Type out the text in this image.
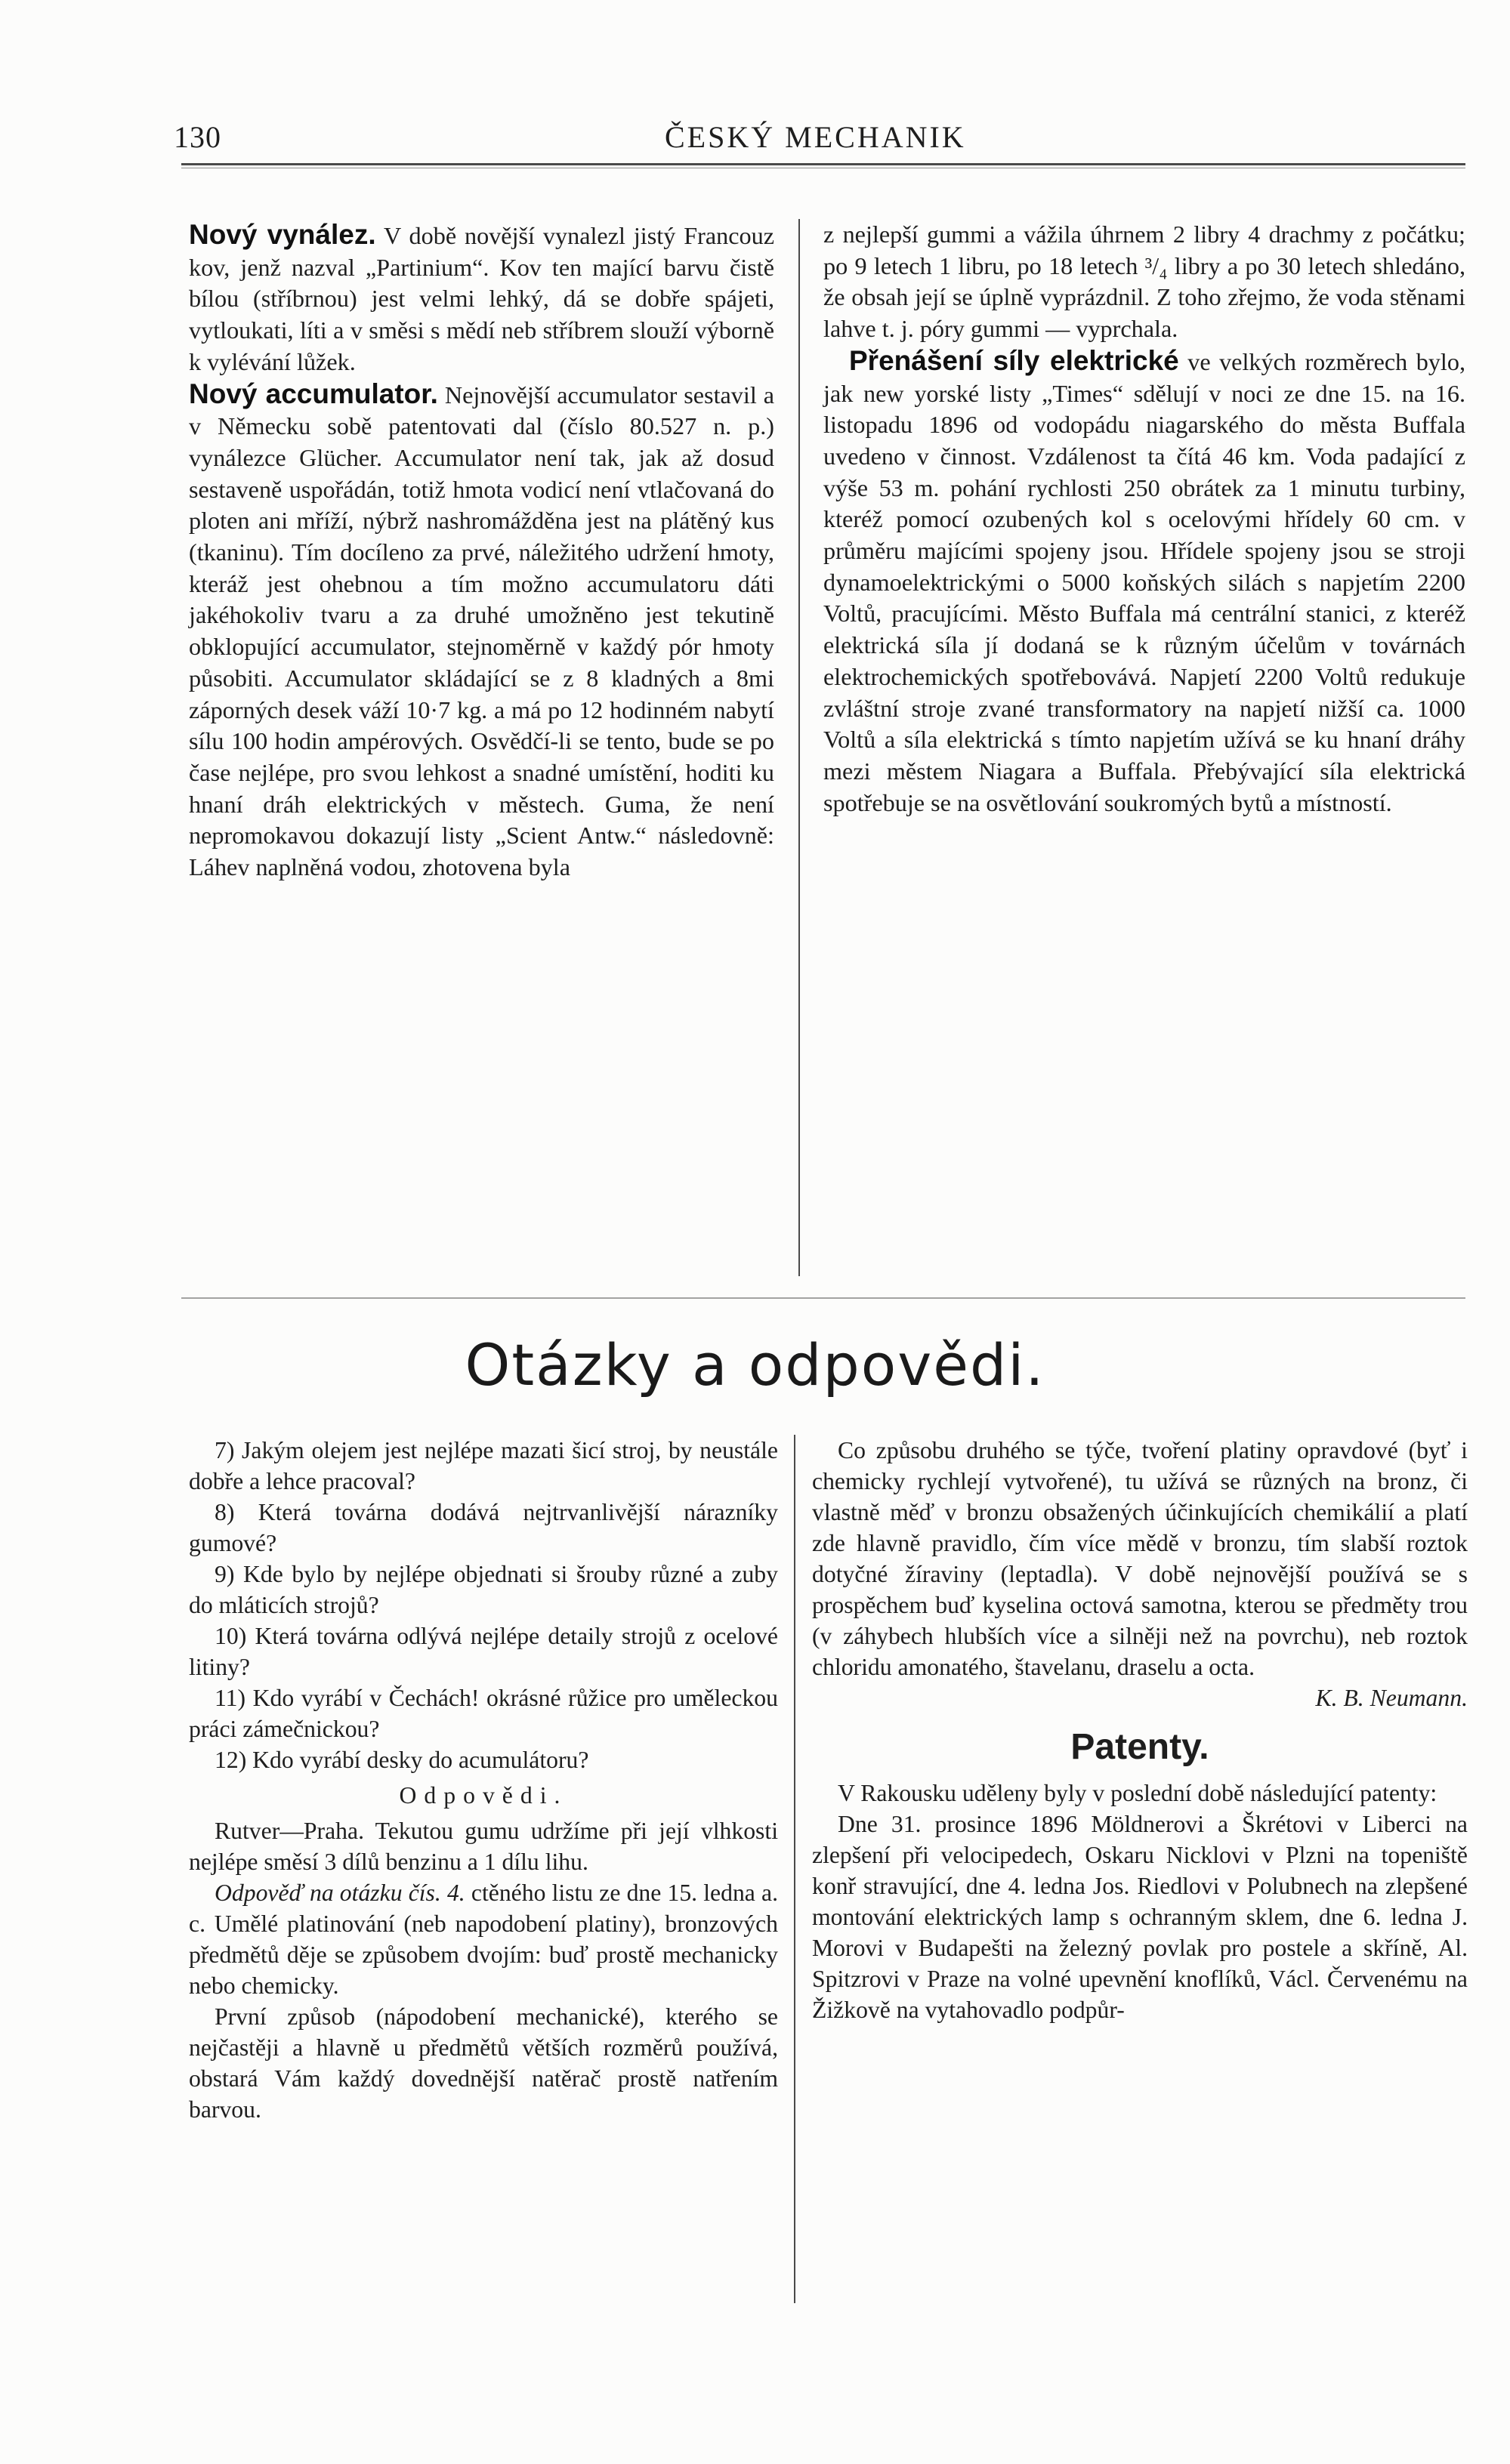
130	ČESKÝ MECHANIK

Nový vynález. V době novější vynalezl jistý Francouz kov, jenž nazval „Partinium“. Kov ten mající barvu čistě bílou (stříbrnou) jest velmi lehký, dá se dobře spájeti, vytloukati, líti a v směsi s mědí neb stříbrem slouží výborně k vylévání lůžek.

Nový accumulator. Nejnovější accumulator sestavil a v Německu sobě patentovati dal (číslo 80.527 n. p.) vynálezce Glücher. Accumulator není tak, jak až dosud sestaveně uspořádán, totiž hmota vodicí není vtlačovaná do ploten ani mříží, nýbrž nashromážděna jest na plátěný kus (tkaninu). Tím docíleno za prvé, náležitého udržení hmoty, kteráž jest ohebnou a tím možno accumulatoru dáti jakéhokoliv tvaru a za druhé umožněno jest tekutině obklopující accumulator, stejnoměrně v každý pór hmoty působiti. Accumulator skládající se z 8 kladných a 8mi záporných desek váží 10·7 kg. a má po 12 hodinném nabytí sílu 100 hodin ampérových. Osvědčí-li se tento, bude se po čase nejlépe, pro svou lehkost a snadné umístění, hoditi ku hnaní dráh elektrických v městech. Guma, že není nepromokavou dokazují listy „Scient Antw.“ následovně: Láhev naplněná vodou, zhotovena byla

z nejlepší gummi a vážila úhrnem 2 libry 4 drachmy z počátku; po 9 letech 1 libru, po 18 letech ³/₄ libry a po 30 letech shledáno, že obsah její se úplně vyprázdnil. Z toho zřejmo, že voda stěnami lahve t. j. póry gummi — vyprchala.

Přenášení síly elektrické ve velkých rozměrech bylo, jak new yorské listy „Times“ sdělují v noci ze dne 15. na 16. listopadu 1896 od vodopádu niagarského do města Buffala uvedeno v činnost. Vzdálenost ta čítá 46 km. Voda padající z výše 53 m. pohání rychlosti 250 obrátek za 1 minutu turbiny, kteréž pomocí ozubených kol s ocelovými hřídely 60 cm. v průměru majícími spojeny jsou. Hřídele spojeny jsou se stroji dynamoelektrickými o 5000 koňských silách s napjetím 2200 Voltů, pracujícími. Město Buffala má centrální stanici, z kteréž elektrická síla jí dodaná se k různým účelům v továrnách elektrochemických spotřebovává. Napjetí 2200 Voltů redukuje zvláštní stroje zvané transformatory na napjetí nižší ca. 1000 Voltů a síla elektrická s tímto napjetím užívá se ku hnaní dráhy mezi městem Niagara a Buffala. Přebývající síla elektrická spotřebuje se na osvětlování soukromých bytů a místností.

Otázky a odpovědi.

7) Jakým olejem jest nejlépe mazati šicí stroj, by neustále dobře a lehce pracoval?

8) Která továrna dodává nejtrvanlivější nárazníky gumové?

9) Kde bylo by nejlépe objednati si šrouby různé a zuby do mláticích strojů?

10) Která továrna odlývá nejlépe detaily strojů z ocelové litiny?

11) Kdo vyrábí v Čechách! okrásné růžice pro uměleckou práci zámečnickou?

12) Kdo vyrábí desky do acumulátoru?

Odpovědi.

Rutver—Praha. Tekutou gumu udržíme při její vlhkosti nejlépe směsí 3 dílů benzinu a 1 dílu lihu.

Odpověď na otázku čís. 4. ctěného listu ze dne 15. ledna a. c. Umělé platinování (neb napodobení platiny), bronzových předmětů děje se způsobem dvojím: buď prostě mechanicky nebo chemicky.

První způsob (nápodobení mechanické), kterého se nejčastěji a hlavně u předmětů větších rozměrů používá, obstará Vám každý dovednější natěrač prostě natřením barvou.

Co způsobu druhého se týče, tvoření platiny opravdové (byť i chemicky rychlejí vytvořené), tu užívá se různých na bronz, či vlastně měď v bronzu obsažených účinkujících chemikálií a platí zde hlavně pravidlo, čím více mědě v bronzu, tím slabší roztok dotyčné žíraviny (leptadla). V době nejnovější používá se s prospěchem buď kyselina octová samotna, kterou se předměty trou (v záhybech hlubších více a silněji než na povrchu), neb roztok chloridu amonatého, štavelanu, draselu a octa.

K. B. Neumann.

Patenty.

V Rakousku uděleny byly v poslední době následující patenty:

Dne 31. prosince 1896 Möldnerovi a Škrétovi v Liberci na zlepšení při velocipedech, Oskaru Nicklovi v Plzni na topeniště konř stravující, dne 4. ledna Jos. Riedlovi v Polubnech na zlepšené montování elektrických lamp s ochranným sklem, dne 6. ledna J. Morovi v Budapešti na železný povlak pro postele a skříně, Al. Spitzrovi v Praze na volné upevnění knoflíků, Václ. Červenému na Žižkově na vytahovadlo podpůr-
